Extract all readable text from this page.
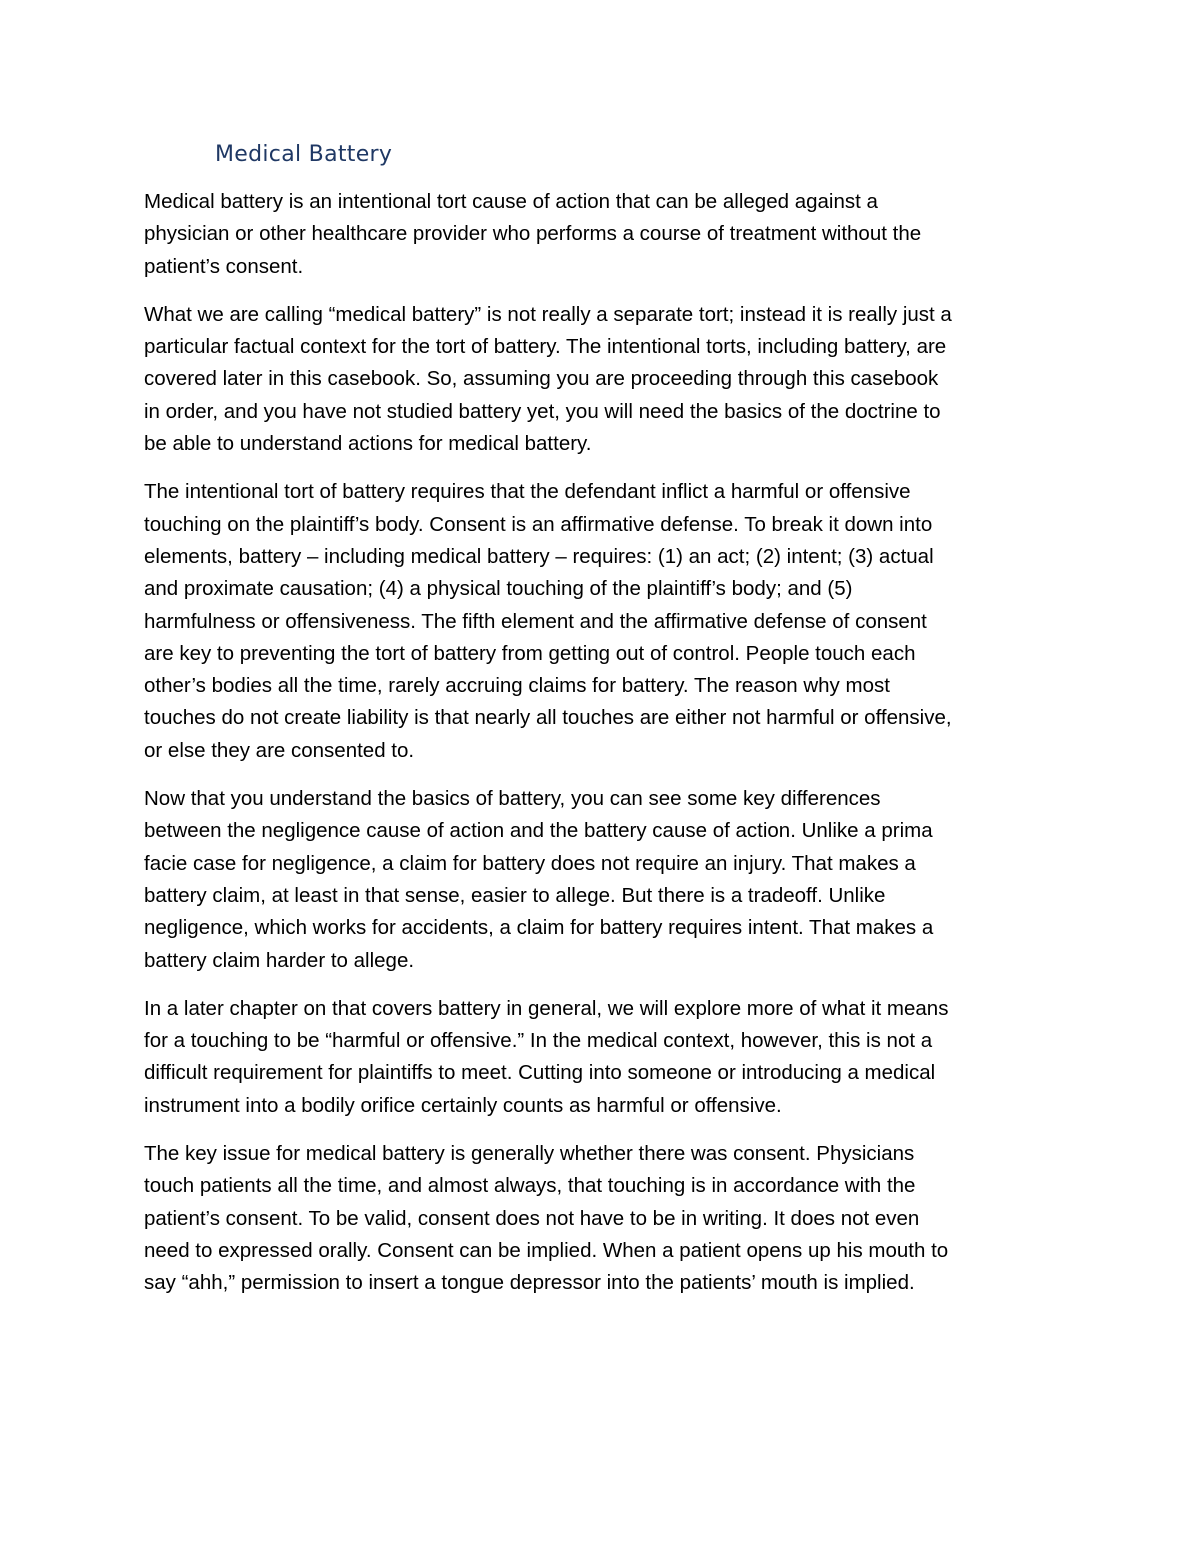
Medical Battery

Medical battery is an intentional tort cause of action that can be alleged against a physician or other healthcare provider who performs a course of treatment without the patient’s consent.

What we are calling “medical battery” is not really a separate tort; instead it is really just a particular factual context for the tort of battery. The intentional torts, including battery, are covered later in this casebook. So, assuming you are proceeding through this casebook in order, and you have not studied battery yet, you will need the basics of the doctrine to be able to understand actions for medical battery.

The intentional tort of battery requires that the defendant inflict a harmful or offensive touching on the plaintiff’s body. Consent is an affirmative defense. To break it down into elements, battery – including medical battery – requires: (1) an act; (2) intent; (3) actual and proximate causation; (4) a physical touching of the plaintiff’s body; and (5) harmfulness or offensiveness. The fifth element and the affirmative defense of consent are key to preventing the tort of battery from getting out of control. People touch each other’s bodies all the time, rarely accruing claims for battery. The reason why most touches do not create liability is that nearly all touches are either not harmful or offensive, or else they are consented to.

Now that you understand the basics of battery, you can see some key differences between the negligence cause of action and the battery cause of action. Unlike a prima facie case for negligence, a claim for battery does not require an injury. That makes a battery claim, at least in that sense, easier to allege. But there is a tradeoff. Unlike negligence, which works for accidents, a claim for battery requires intent. That makes a battery claim harder to allege.

In a later chapter on that covers battery in general, we will explore more of what it means for a touching to be “harmful or offensive.” In the medical context, however, this is not a difficult requirement for plaintiffs to meet. Cutting into someone or introducing a medical instrument into a bodily orifice certainly counts as harmful or offensive.

The key issue for medical battery is generally whether there was consent. Physicians touch patients all the time, and almost always, that touching is in accordance with the patient’s consent. To be valid, consent does not have to be in writing. It does not even need to expressed orally. Consent can be implied. When a patient opens up his mouth to say “ahh,” permission to insert a tongue depressor into the patients’ mouth is implied.
